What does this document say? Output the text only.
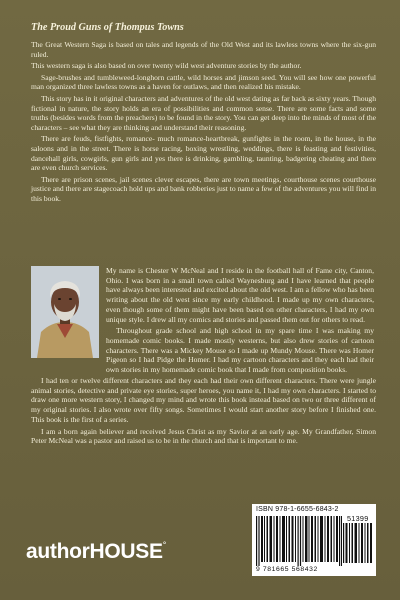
The Proud Guns of Thompus Towns

The Great Western Saga is based on tales and legends of the Old West and its lawless towns where the six-gun ruled.

This western saga is also based on over twenty wild west adventure stories by the author.

Sage-brushes and tumbleweed-longhorn cattle, wild horses and jimson seed. You will see how one powerful man organized three lawless towns as a haven for outlaws, and then realized his mistake.

This story has in it original characters and adventures of the old west dating as far back as sixty years. Though fictional in nature, the story holds an era of possibilities and common sense. There are some facts and some truths (besides words from the preachers) to be found in the story. You can get deep into the minds of most of the characters – see what they are thinking and understand their reasoning.

There are feuds, fistfights, romance- much romance-heartbreak, gunfights in the room, in the house, in the saloons and in the street. There is horse racing, boxing wrestling, weddings, there is feasting and festivities, dancehall girls, cowgirls, gun girls and yes there is drinking, gambling, taunting, badgering cheating and there are even church services.

There are prison scenes, jail scenes clever escapes, there are town meetings, courthouse scenes courthouse justice and there are stagecoach hold ups and bank robberies just to name a few of the adventures you will find in this book.

My name is Chester W McNeal and I reside in the football hall of Fame city, Canton, Ohio. I was born in a small town called Waynesburg and I have learned that people have always been interested and excited about the old west. I am a fellow who has been writing about the old west since my early childhood. I made up my own characters, even though some of them might have been based on other characters, I had my own unique style. I drew all my comics and stories and passed them out for others to read.

Throughout grade school and high school in my spare time I was making my homemade comic books. I made mostly westerns, but also drew stories of cartoon characters. There was a Mickey Mouse so I made up Mundy Mouse. There was Homer Pigeon so I had Pidge the Homer. I had my cartoon characters and they each had their own stories in my homemade comic book that I made from composition books.

I had ten or twelve different characters and they each had their own different characters. There were jungle animal stories, detective and private eye stories, super heroes, you name it, I had my own characters. I started to draw one more western story, I changed my mind and wrote this book instead based on two or three different of my original stories. I also wrote over fifty songs. Sometimes I would start another story before I finished one. This book is the first of a series.

I am a born again believer and received Jesus Christ as my Savior at an early age. My Grandfather, Simon Peter McNeal was a pastor and raised us to be in the church and that is important to me.

ISBN 978-1-6655-6843-2
51399
9 781665 568432
authorHOUSE°
